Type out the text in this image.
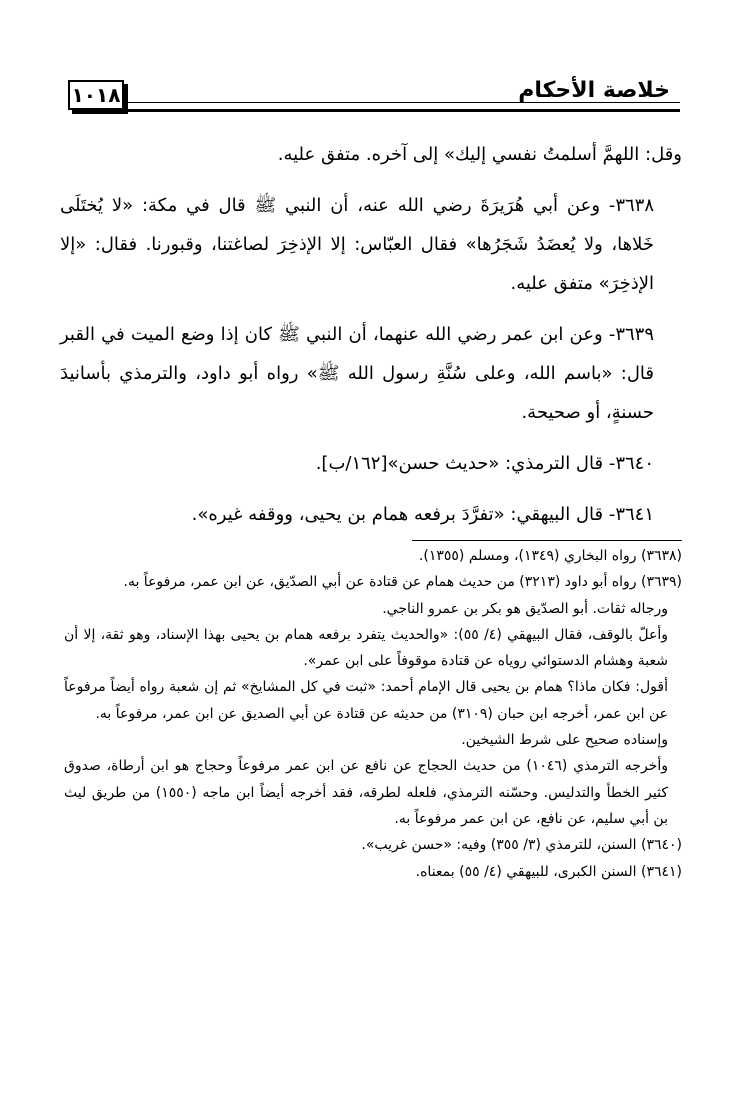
خلاصة الأحكام
١٠١٨

وقل: اللهمَّ أسلمتُ نفسي إليك» إلى آخره. متفق عليه.

٣٦٣٨- وعن أبي هُرَيرَةَ رضي الله عنه، أن النبي ﷺ قال في مكة: «لا يُختَلَى خَلاها، ولا يُعضَدُ شَجَرُها» فقال العبّاس: إلا الإذخِرَ لصاغتنا، وقبورنا. فقال: «إلا الإذخِرَ» متفق عليه.

٣٦٣٩- وعن ابن عمر رضي الله عنهما، أن النبي ﷺ كان إذا وضع الميت في القبر قال: «باسم الله، وعلى سُنَّةِ رسول الله ﷺ» رواه أبو داود، والترمذي بأسانيدَ حسنةٍ، أو صحيحة.

٣٦٤٠- قال الترمذي: «حديث حسن»[١٦٢/ب].

٣٦٤١- قال البيهقي: «تفرَّدَ برفعه همام بن يحيى، ووقفه غيره».

(٣٦٣٨) رواه البخاري (١٣٤٩)، ومسلم (١٣٥٥).

(٣٦٣٩) رواه أبو داود (٣٢١٣) من حديث همام عن قتادة عن أبي الصدّيق، عن ابن عمر، مرفوعاً به.

ورجاله ثقات. أبو الصدّيق هو بكر بن عمرو الناجي.

وأعلّ بالوقف، فقال البيهقي (٤/ ٥٥): «والحديث يتفرد برفعه همام بن يحيى بهذا الإسناد، وهو ثقة، إلا أن شعبة وهشام الدستوائي روياه عن قتادة موقوفاً على ابن عمر».

أقول: فكان ماذا؟ همام بن يحيى قال الإمام أحمد: «ثبت في كل المشايخ» ثم إن شعبة رواه أيضاً مرفوعاً عن ابن عمر، أخرجه ابن حبان (٣١٠٩) من حديثه عن قتادة عن أبي الصديق عن ابن عمر، مرفوعاً به.

وإسناده صحيح على شرط الشيخين.

وأخرجه الترمذي (١٠٤٦) من حديث الحجاج عن نافع عن ابن عمر مرفوعاً وحجاج هو ابن أرطاة، صدوق كثير الخطأ والتدليس. وحسّنه الترمذي، فلعله لطرقه، فقد أخرجه أيضاً ابن ماجه (١٥٥٠) من طريق ليث بن أبي سليم، عن نافع، عن ابن عمر مرفوعاً به.

(٣٦٤٠) السنن، للترمذي (٣/ ٣٥٥) وفيه: «حسن غريب».

(٣٦٤١) السنن الكبرى، للبيهقي (٤/ ٥٥) بمعناه.
